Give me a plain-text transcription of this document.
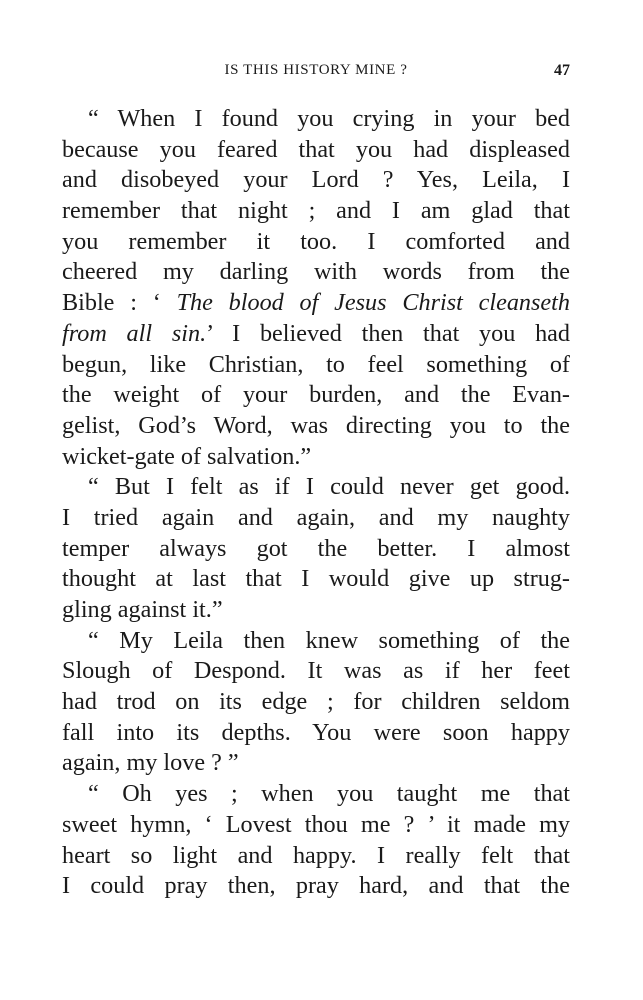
IS THIS HISTORY MINE ?	47
“ When I found you crying in your bed
because you feared that you had displeased
and disobeyed your Lord ? Yes, Leila, I
remember that night ; and I am glad that
you remember it too. I comforted and
cheered my darling with words from the
Bible : ‘ The blood of Jesus Christ cleanseth
from all sin.’ I believed then that you had
begun, like Christian, to feel something of
the weight of your burden, and the Evan-
gelist, God’s Word, was directing you to the
wicket-gate of salvation.”
“ But I felt as if I could never get good.
I tried again and again, and my naughty
temper always got the better. I almost
thought at last that I would give up strug-
gling against it.”
“ My Leila then knew something of the
Slough of Despond. It was as if her feet
had trod on its edge ; for children seldom
fall into its depths. You were soon happy
again, my love ? ”
“ Oh yes ; when you taught me that
sweet hymn, ‘ Lovest thou me ? ’ it made my
heart so light and happy. I really felt that
I could pray then, pray hard, and that the
